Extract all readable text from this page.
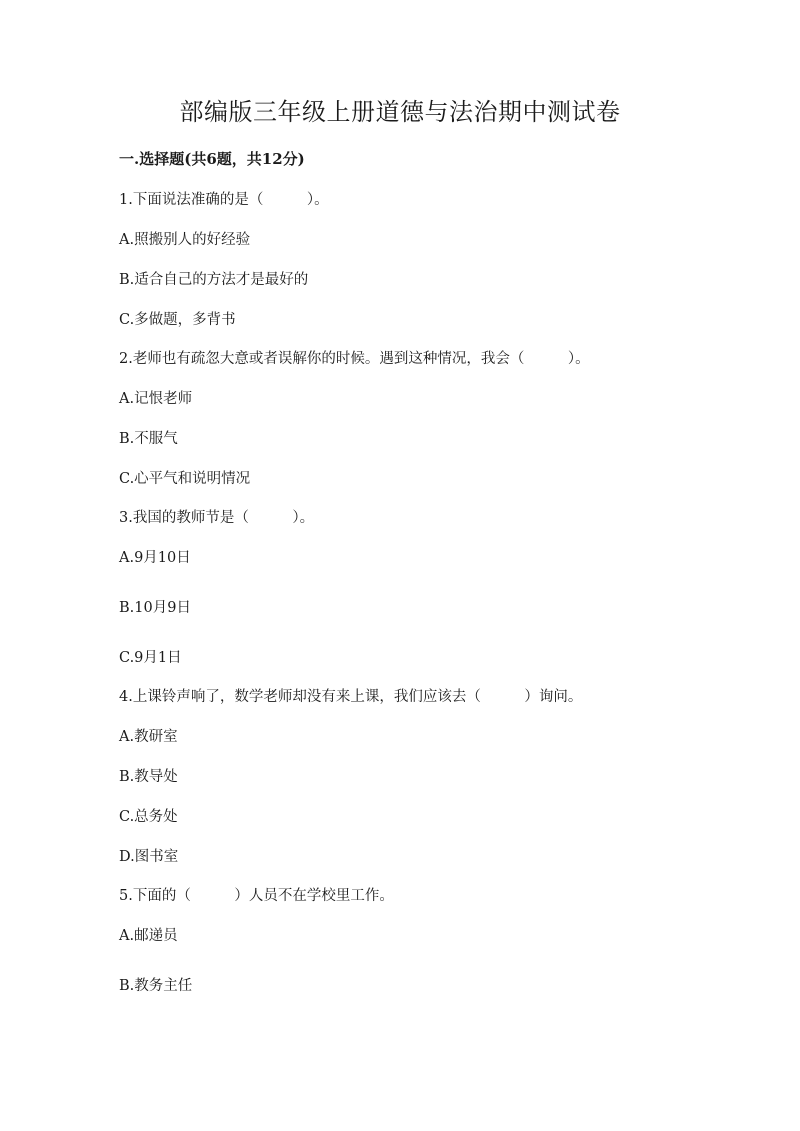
部编版三年级上册道德与法治期中测试卷
一.选择题(共6题，共12分)
1.下面说法准确的是（　　　）。
A.照搬别人的好经验
B.适合自己的方法才是最好的
C.多做题，多背书
2.老师也有疏忽大意或者误解你的时候。遇到这种情况，我会（　　　）。
A.记恨老师
B.不服气
C.心平气和说明情况
3.我国的教师节是（　　　）。
A.9月10日
B.10月9日
C.9月1日
4.上课铃声响了，数学老师却没有来上课，我们应该去（　　　）询问。
A.教研室
B.教导处
C.总务处
D.图书室
5.下面的（　　　）人员不在学校里工作。
A.邮递员
B.教务主任
